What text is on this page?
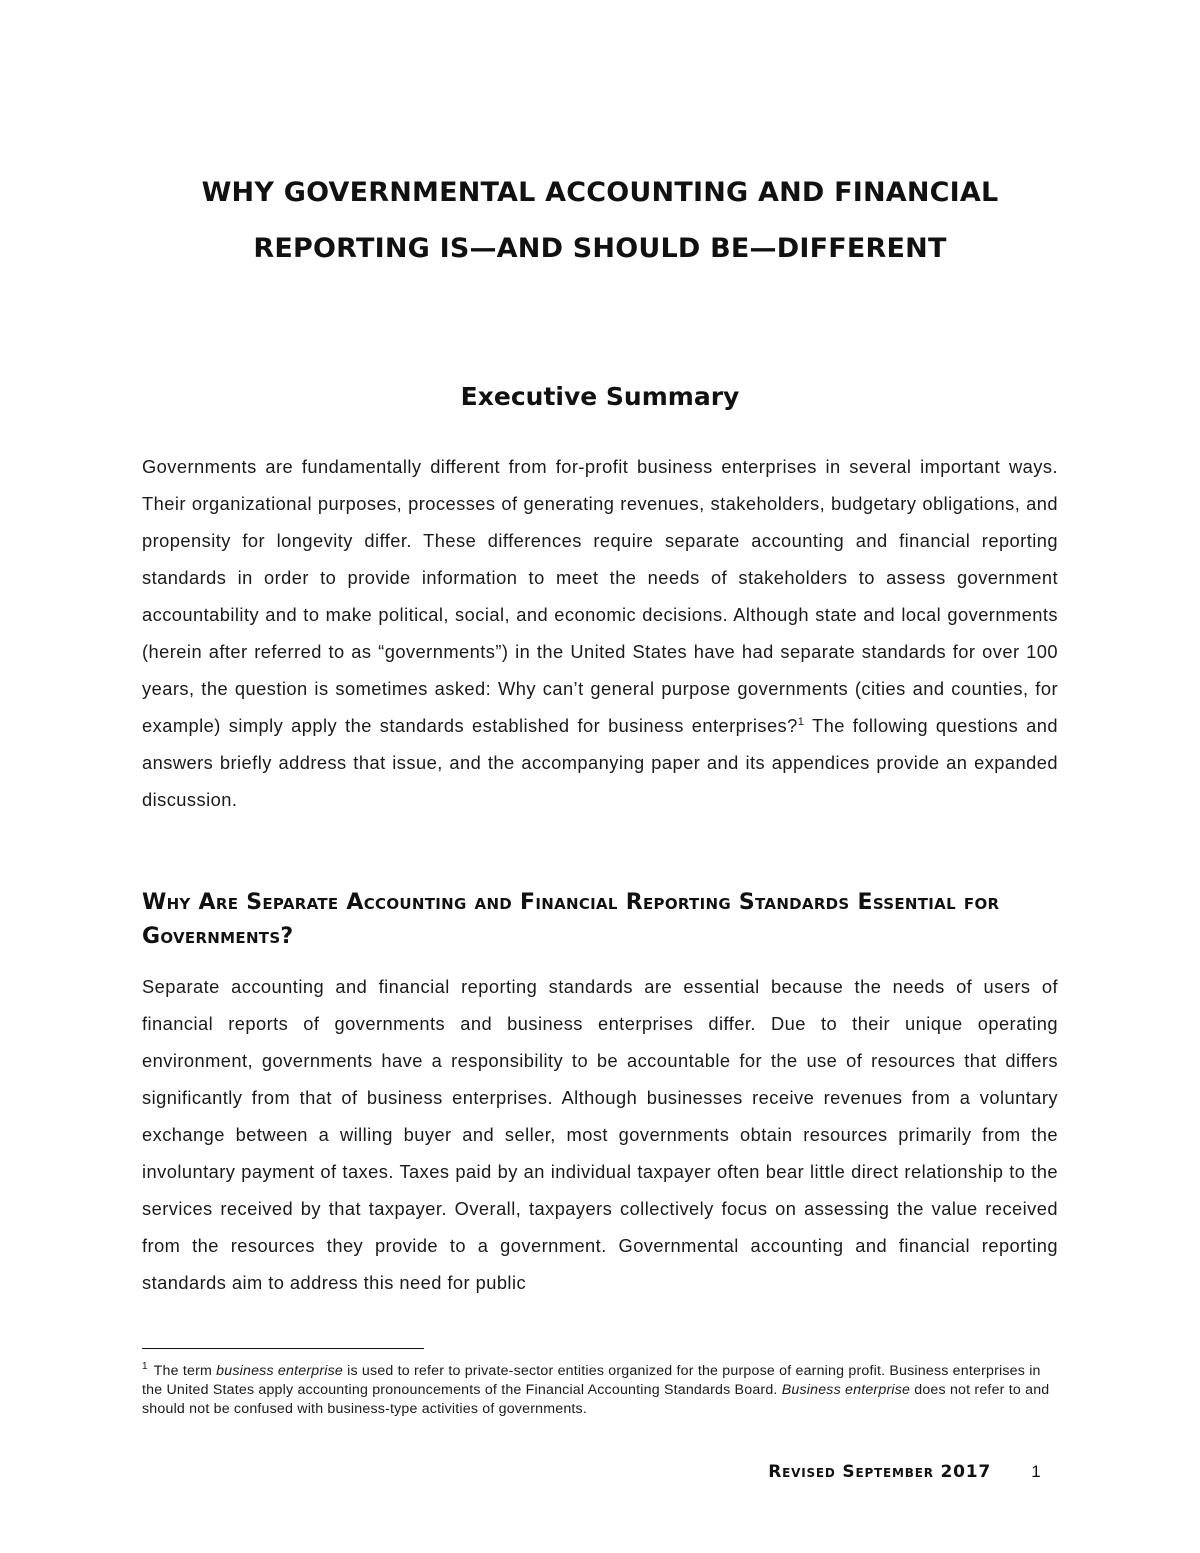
WHY GOVERNMENTAL ACCOUNTING AND FINANCIAL
REPORTING IS—AND SHOULD BE—DIFFERENT
Executive Summary

Governments are fundamentally different from for-profit business enterprises in several important ways. Their organizational purposes, processes of generating revenues, stakeholders, budgetary obligations, and propensity for longevity differ. These differences require separate accounting and financial reporting standards in order to provide information to meet the needs of stakeholders to assess government accountability and to make political, social, and economic decisions. Although state and local governments (herein after referred to as “governments”) in the United States have had separate standards for over 100 years, the question is sometimes asked: Why can’t general purpose governments (cities and counties, for example) simply apply the standards established for business enterprises?$^1$ The following questions and answers briefly address that issue, and the accompanying paper and its appendices provide an expanded discussion.

Why Are Separate Accounting and Financial Reporting Standards Essential for Governments?

Separate accounting and financial reporting standards are essential because the needs of users of financial reports of governments and business enterprises differ. Due to their unique operating environment, governments have a responsibility to be accountable for the use of resources that differs significantly from that of business enterprises. Although businesses receive revenues from a voluntary exchange between a willing buyer and seller, most governments obtain resources primarily from the involuntary payment of taxes. Taxes paid by an individual taxpayer often bear little direct relationship to the services received by that taxpayer. Overall, taxpayers collectively focus on assessing the value received from the resources they provide to a government. Governmental accounting and financial reporting standards aim to address this need for public

$^1$ The term business enterprise is used to refer to private-sector entities organized for the purpose of earning profit. Business enterprises in the United States apply accounting pronouncements of the Financial Accounting Standards Board. Business enterprise does not refer to and should not be confused with business-type activities of governments.

Revised September 2017	1
